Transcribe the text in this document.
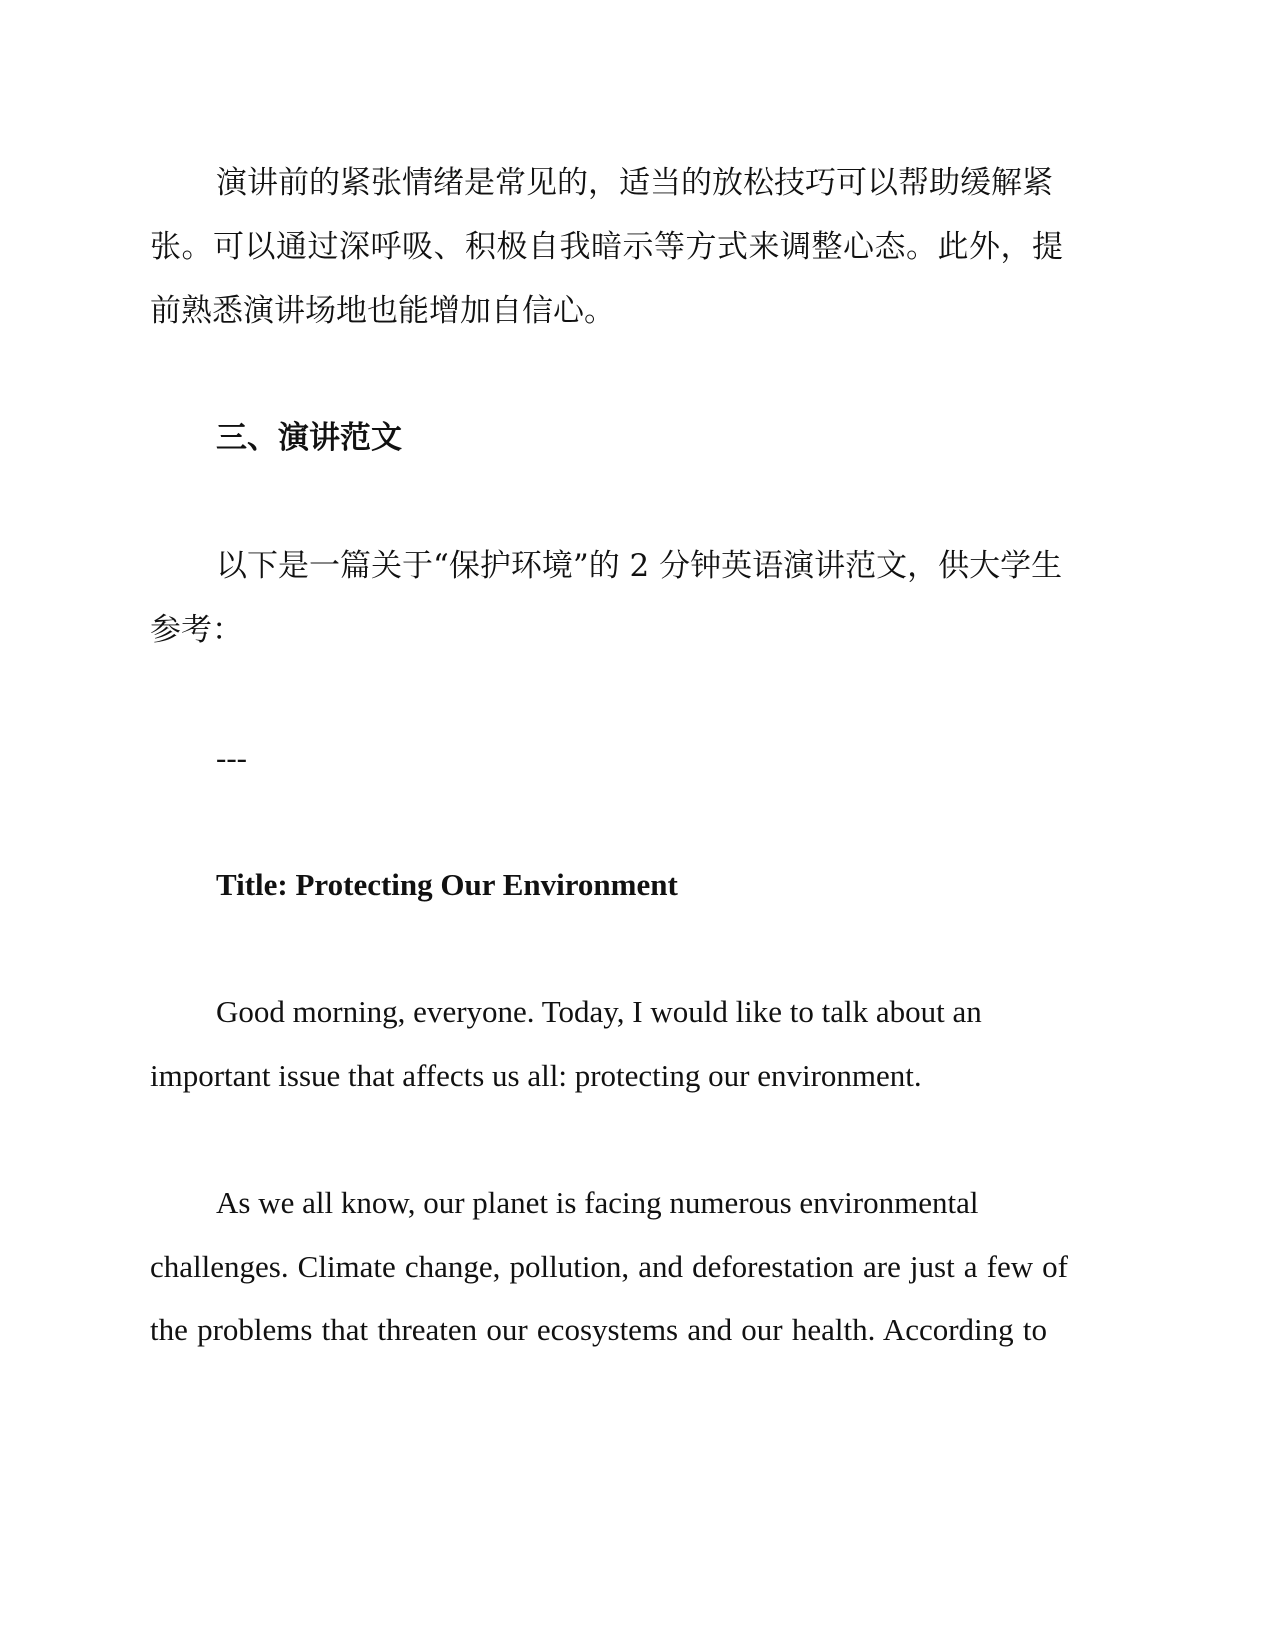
演讲前的紧张情绪是常见的，适当的放松技巧可以帮助缓解紧

张。可以通过深呼吸、积极自我暗示等方式来调整心态。此外，提

前熟悉演讲场地也能增加自信心。

三、演讲范文

以下是一篇关于“保护环境”的 2 分钟英语演讲范文，供大学生

参考：

---

Title: Protecting Our Environment

Good morning, everyone. Today, I would like to talk about an

important issue that affects us all: protecting our environment.

As we all know, our planet is facing numerous environmental

challenges. Climate change, pollution, and deforestation are just a few of

the problems that threaten our ecosystems and our health. According to
